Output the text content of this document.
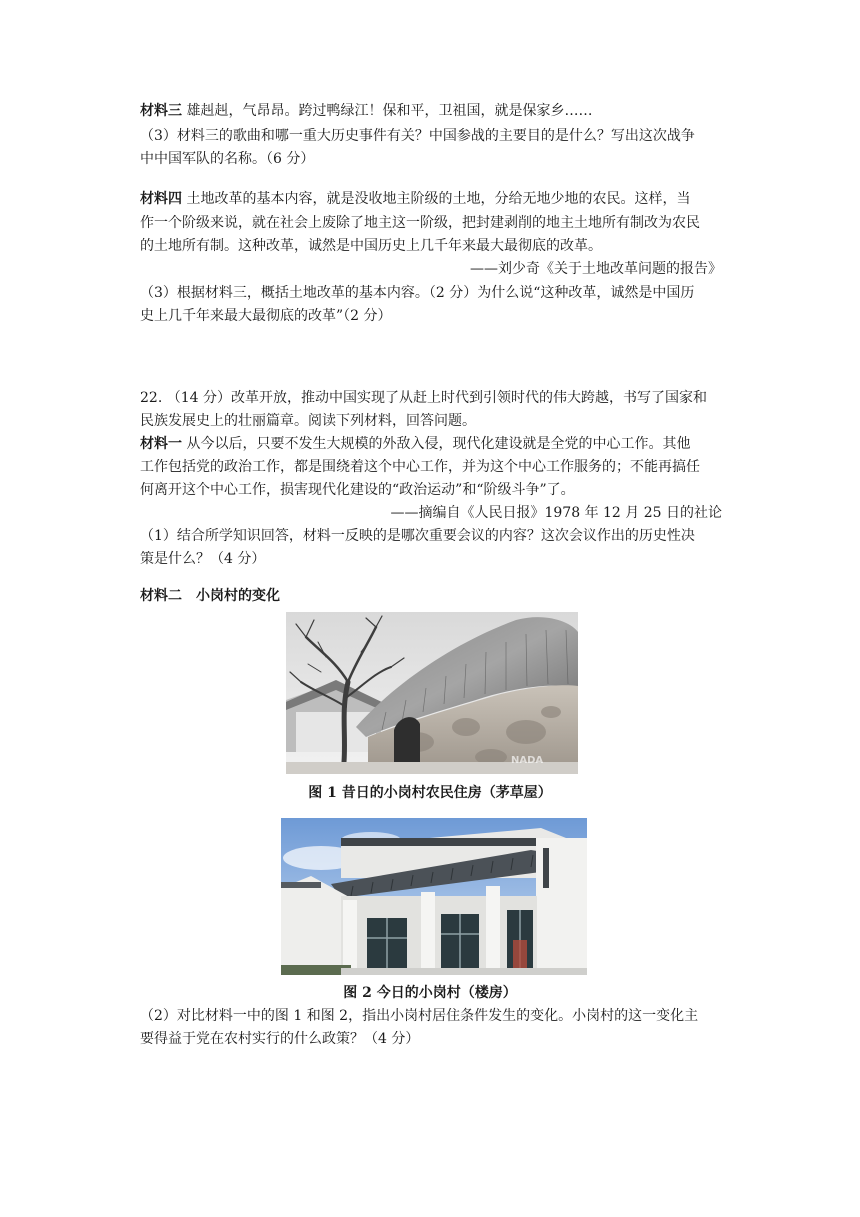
材料三 雄赳赳，气昂昂。跨过鸭绿江！保和平，卫祖国，就是保家乡……
（3）材料三的歌曲和哪一重大历史事件有关？中国参战的主要目的是什么？写出这次战争
中中国军队的名称。（6 分）
材料四 土地改革的基本内容，就是没收地主阶级的土地，分给无地少地的农民。这样，当
作一个阶级来说，就在社会上废除了地主这一阶级，把封建剥削的地主土地所有制改为农民
的土地所有制。这种改革，诚然是中国历史上几千年来最大最彻底的改革。
——刘少奇《关于土地改革问题的报告》
（3）根据材料三，概括土地改革的基本内容。（2 分）为什么说“这种改革，诚然是中国历
史上几千年来最大最彻底的改革”（2 分）
22. （14 分）改革开放，推动中国实现了从赶上时代到引领时代的伟大跨越，书写了国家和
民族发展史上的壮丽篇章。阅读下列材料，回答问题。
材料一 从今以后，只要不发生大规模的外敌入侵，现代化建设就是全党的中心工作。其他
工作包括党的政治工作，都是围绕着这个中心工作，并为这个中心工作服务的；不能再搞任
何离开这个中心工作，损害现代化建设的“政治运动”和“阶级斗争”了。
——摘编自《人民日报》1978 年 12 月 25 日的社论
（1）结合所学知识回答，材料一反映的是哪次重要会议的内容？这次会议作出的历史性决
策是什么？（4 分）
材料二　小岗村的变化
NADA
图 1 昔日的小岗村农民住房（茅草屋）
图 2 今日的小岗村（楼房）
（2）对比材料一中的图 1 和图 2，指出小岗村居住条件发生的变化。小岗村的这一变化主
要得益于党在农村实行的什么政策？（4 分）
